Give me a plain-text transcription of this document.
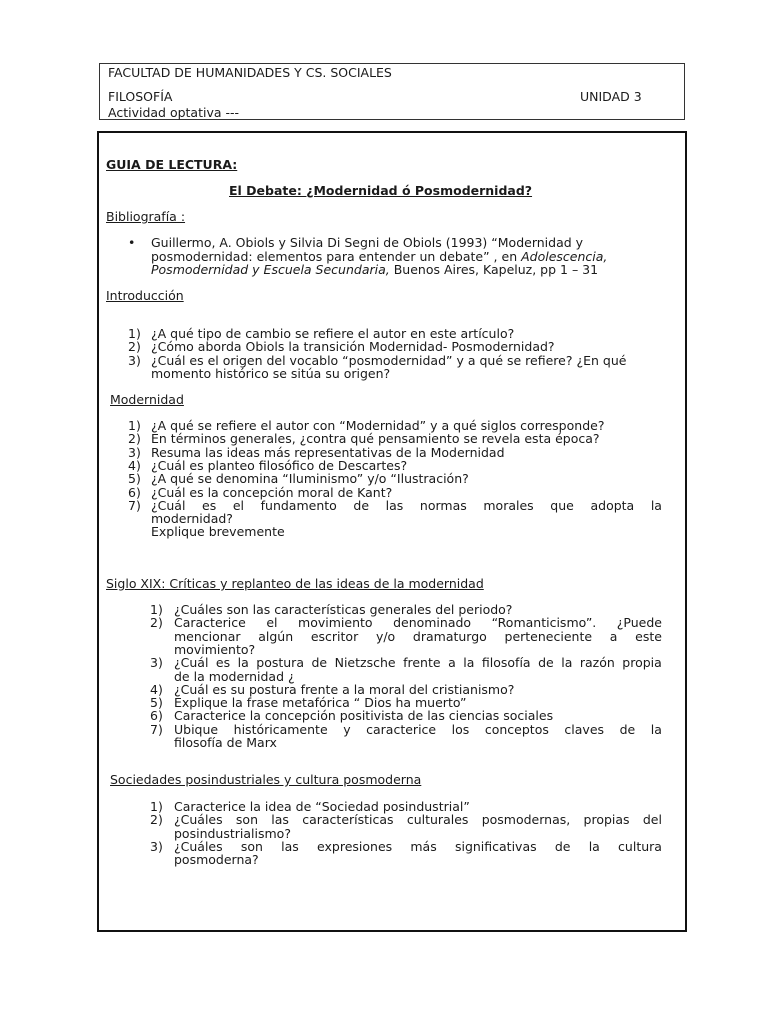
FACULTAD DE HUMANIDADES Y CS. SOCIALES
FILOSOFÍA	UNIDAD 3
Actividad optativa ---
GUIA DE LECTURA:
El Debate: ¿Modernidad ó Posmodernidad?
Bibliografía :
• Guillermo, A. Obiols y Silvia Di Segni de Obiols (1993) “Modernidad y
posmodernidad: elementos para entender un debate” , en Adolescencia,
Posmodernidad y Escuela Secundaria, Buenos Aires, Kapeluz, pp 1 – 31
Introducción
1) ¿A qué tipo de cambio se refiere el autor en este artículo?
2) ¿Cómo aborda Obiols la transición Modernidad- Posmodernidad?
3) ¿Cuál es el origen del vocablo “posmodernidad” y a qué se refiere? ¿En qué
momento histórico se sitúa su origen?
Modernidad
1) ¿A qué se refiere el autor con “Modernidad” y a qué siglos corresponde?
2) En términos generales, ¿contra qué pensamiento se revela esta época?
3) Resuma las ideas más representativas de la Modernidad
4) ¿Cuál es planteo filosófico de Descartes?
5) ¿A qué se denomina “Iluminismo” y/o “Ilustración?
6) ¿Cuál es la concepción moral de Kant?
7) ¿Cuál es el fundamento de las normas morales que adopta la
modernidad?
Explique brevemente
Siglo XIX: Críticas y replanteo de las ideas de la modernidad
1) ¿Cuáles son las características generales del periodo?
2) Caracterice el movimiento denominado “Romanticismo”. ¿Puede
mencionar algún escritor y/o dramaturgo perteneciente a este
movimiento?
3) ¿Cuál es la postura de Nietzsche frente a la filosofía de la razón propia
de la modernidad ¿
4) ¿Cuál es su postura frente a la moral del cristianismo?
5) Explique la frase metafórica “ Dios ha muerto”
6) Caracterice la concepción positivista de las ciencias sociales
7) Ubique históricamente y caracterice los conceptos claves de la
filosofía de Marx
Sociedades posindustriales y cultura posmoderna
1) Caracterice la idea de “Sociedad posindustrial”
2) ¿Cuáles son las características culturales posmodernas, propias del
posindustrialismo?
3) ¿Cuáles son las expresiones más significativas de la cultura
posmoderna?
